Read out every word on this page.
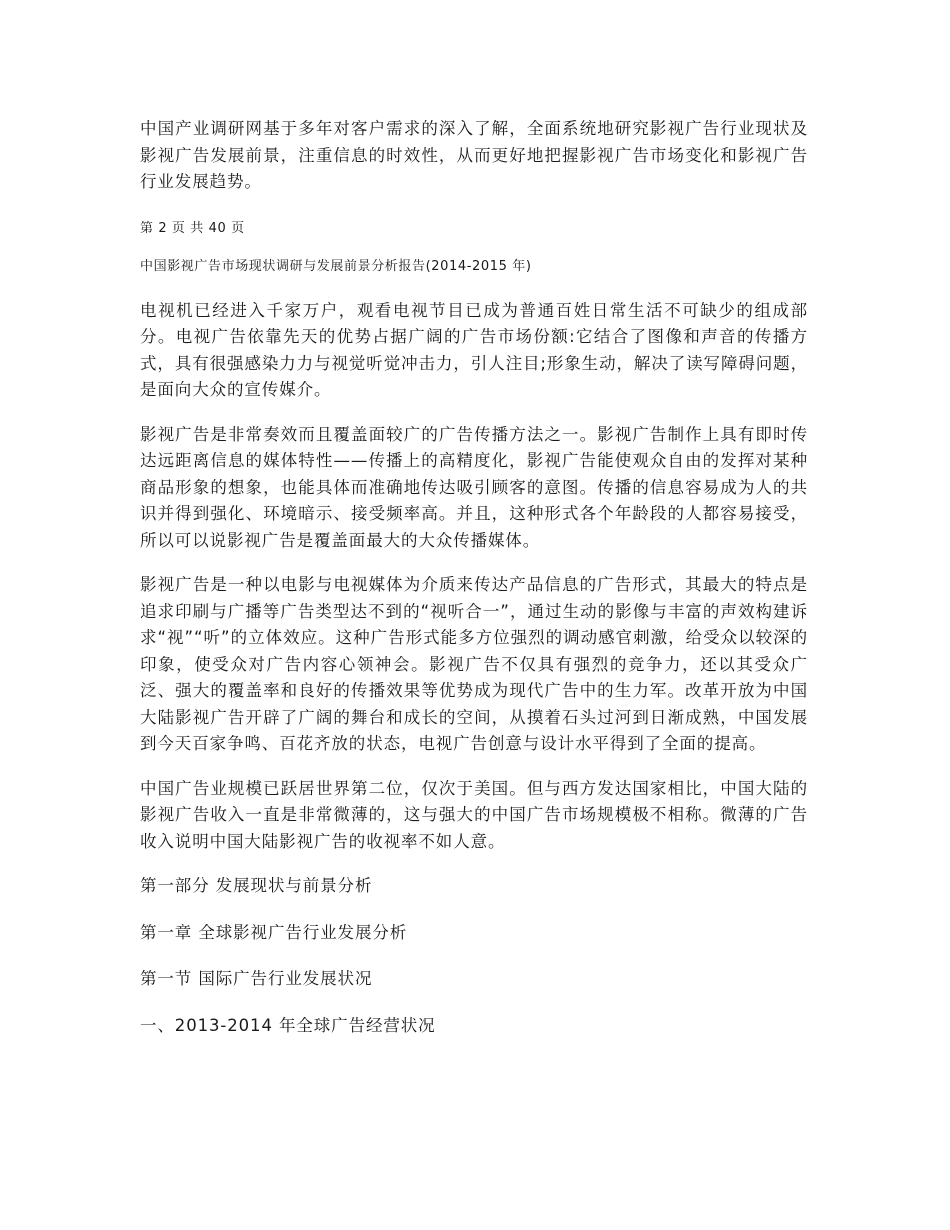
中国产业调研网基于多年对客户需求的深入了解，全面系统地研究影视广告行业现状及影视广告发展前景，注重信息的时效性，从而更好地把握影视广告市场变化和影视广告行业发展趋势。

第 2 页 共 40 页

中国影视广告市场现状调研与发展前景分析报告(2014-2015 年)

电视机已经进入千家万户，观看电视节目已成为普通百姓日常生活不可缺少的组成部分。电视广告依靠先天的优势占据广阔的广告市场份额:它结合了图像和声音的传播方式，具有很强感染力力与视觉听觉冲击力，引人注目;形象生动，解决了读写障碍问题，是面向大众的宣传媒介。

影视广告是非常奏效而且覆盖面较广的广告传播方法之一。影视广告制作上具有即时传达远距离信息的媒体特性——传播上的高精度化，影视广告能使观众自由的发挥对某种商品形象的想象，也能具体而准确地传达吸引顾客的意图。传播的信息容易成为人的共识并得到强化、环境暗示、接受频率高。并且，这种形式各个年龄段的人都容易接受，所以可以说影视广告是覆盖面最大的大众传播媒体。

影视广告是一种以电影与电视媒体为介质来传达产品信息的广告形式，其最大的特点是追求印刷与广播等广告类型达不到的“视听合一”，通过生动的影像与丰富的声效构建诉求“视”“听”的立体效应。这种广告形式能多方位强烈的调动感官刺激，给受众以较深的印象，使受众对广告内容心领神会。影视广告不仅具有强烈的竞争力，还以其受众广泛、强大的覆盖率和良好的传播效果等优势成为现代广告中的生力军。改革开放为中国大陆影视广告开辟了广阔的舞台和成长的空间，从摸着石头过河到日渐成熟，中国发展到今天百家争鸣、百花齐放的状态，电视广告创意与设计水平得到了全面的提高。

中国广告业规模已跃居世界第二位，仅次于美国。但与西方发达国家相比，中国大陆的影视广告收入一直是非常微薄的，这与强大的中国广告市场规模极不相称。微薄的广告收入说明中国大陆影视广告的收视率不如人意。

第一部分 发展现状与前景分析

第一章 全球影视广告行业发展分析

第一节 国际广告行业发展状况

一、2013-2014 年全球广告经营状况
